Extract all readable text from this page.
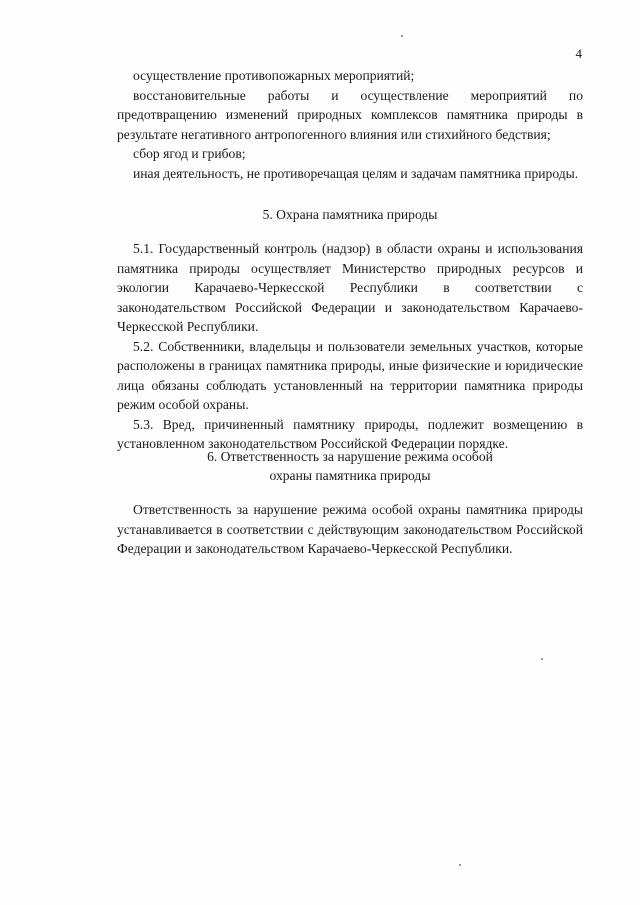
4

осуществление противопожарных мероприятий;

восстановительные работы и осуществление мероприятий по предотвращению изменений природных комплексов памятника природы в результате негативного антропогенного влияния или стихийного бедствия;

сбор ягод и грибов;

иная деятельность, не противоречащая целям и задачам памятника природы.

5. Охрана памятника природы

5.1. Государственный контроль (надзор) в области охраны и использования памятника природы осуществляет Министерство природных ресурсов и экологии Карачаево-Черкесской Республики в соответствии с законодательством Российской Федерации и законодательством Карачаево-Черкесской Республики.

5.2. Собственники, владельцы и пользователи земельных участков, которые расположены в границах памятника природы, иные физические и юридические лица обязаны соблюдать установленный на территории памятника природы режим особой охраны.

5.3. Вред, причиненный памятнику природы, подлежит возмещению в установленном законодательством Российской Федерации порядке.

6. Ответственность за нарушение режима особой

охраны памятника природы

Ответственность за нарушение режима особой охраны памятника природы устанавливается в соответствии с действующим законодательством Российской Федерации и законодательством Карачаево-Черкесской Республики.
